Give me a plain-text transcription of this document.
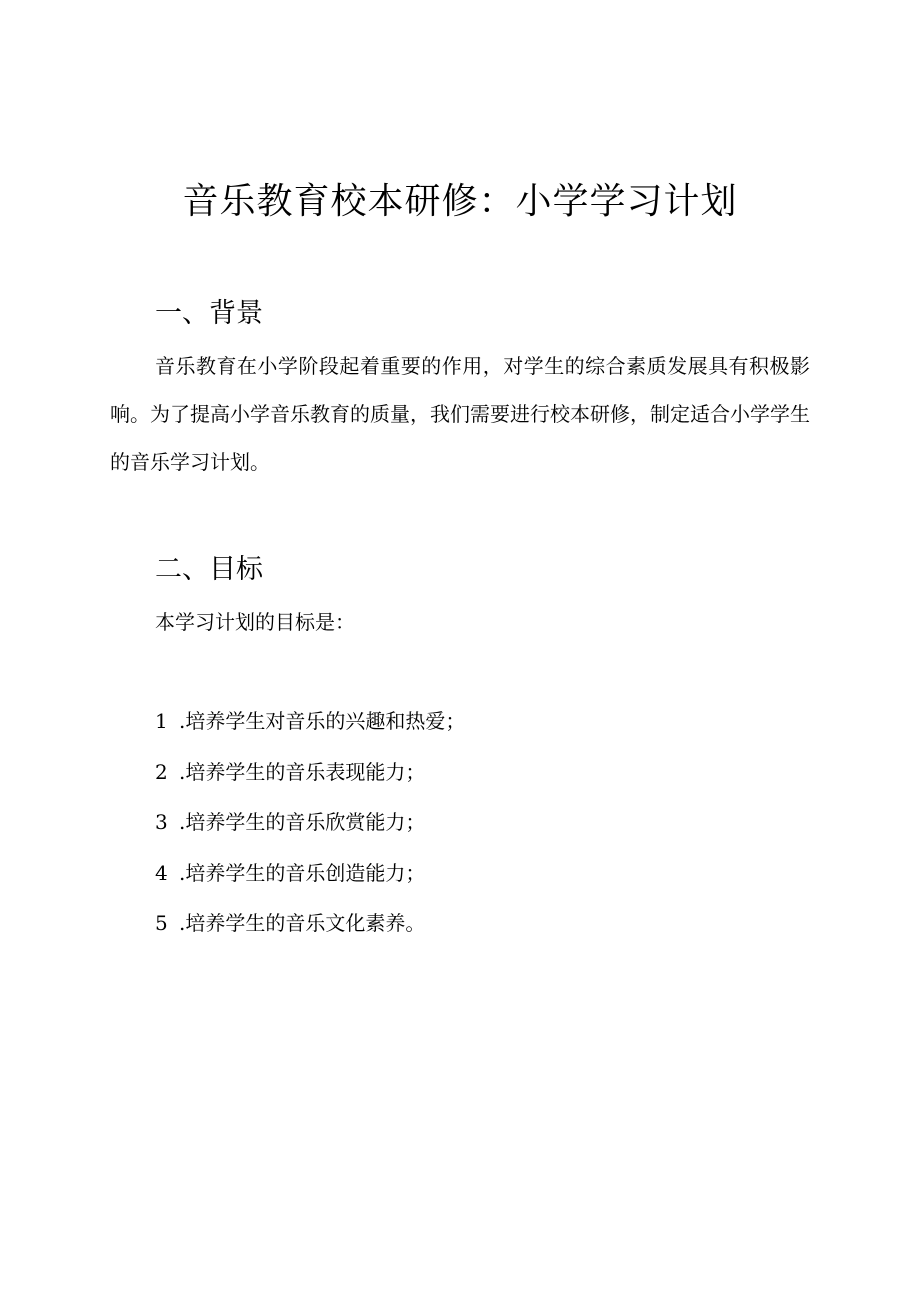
音乐教育校本研修：小学学习计划
一、背景

音乐教育在小学阶段起着重要的作用，对学生的综合素质发展具有积极影响。为了提高小学音乐教育的质量，我们需要进行校本研修，制定适合小学学生的音乐学习计划。

二、目标

本学习计划的目标是：

1 .培养学生对音乐的兴趣和热爱；
2 .培养学生的音乐表现能力；
3 .培养学生的音乐欣赏能力；
4 .培养学生的音乐创造能力；
5 .培养学生的音乐文化素养。
